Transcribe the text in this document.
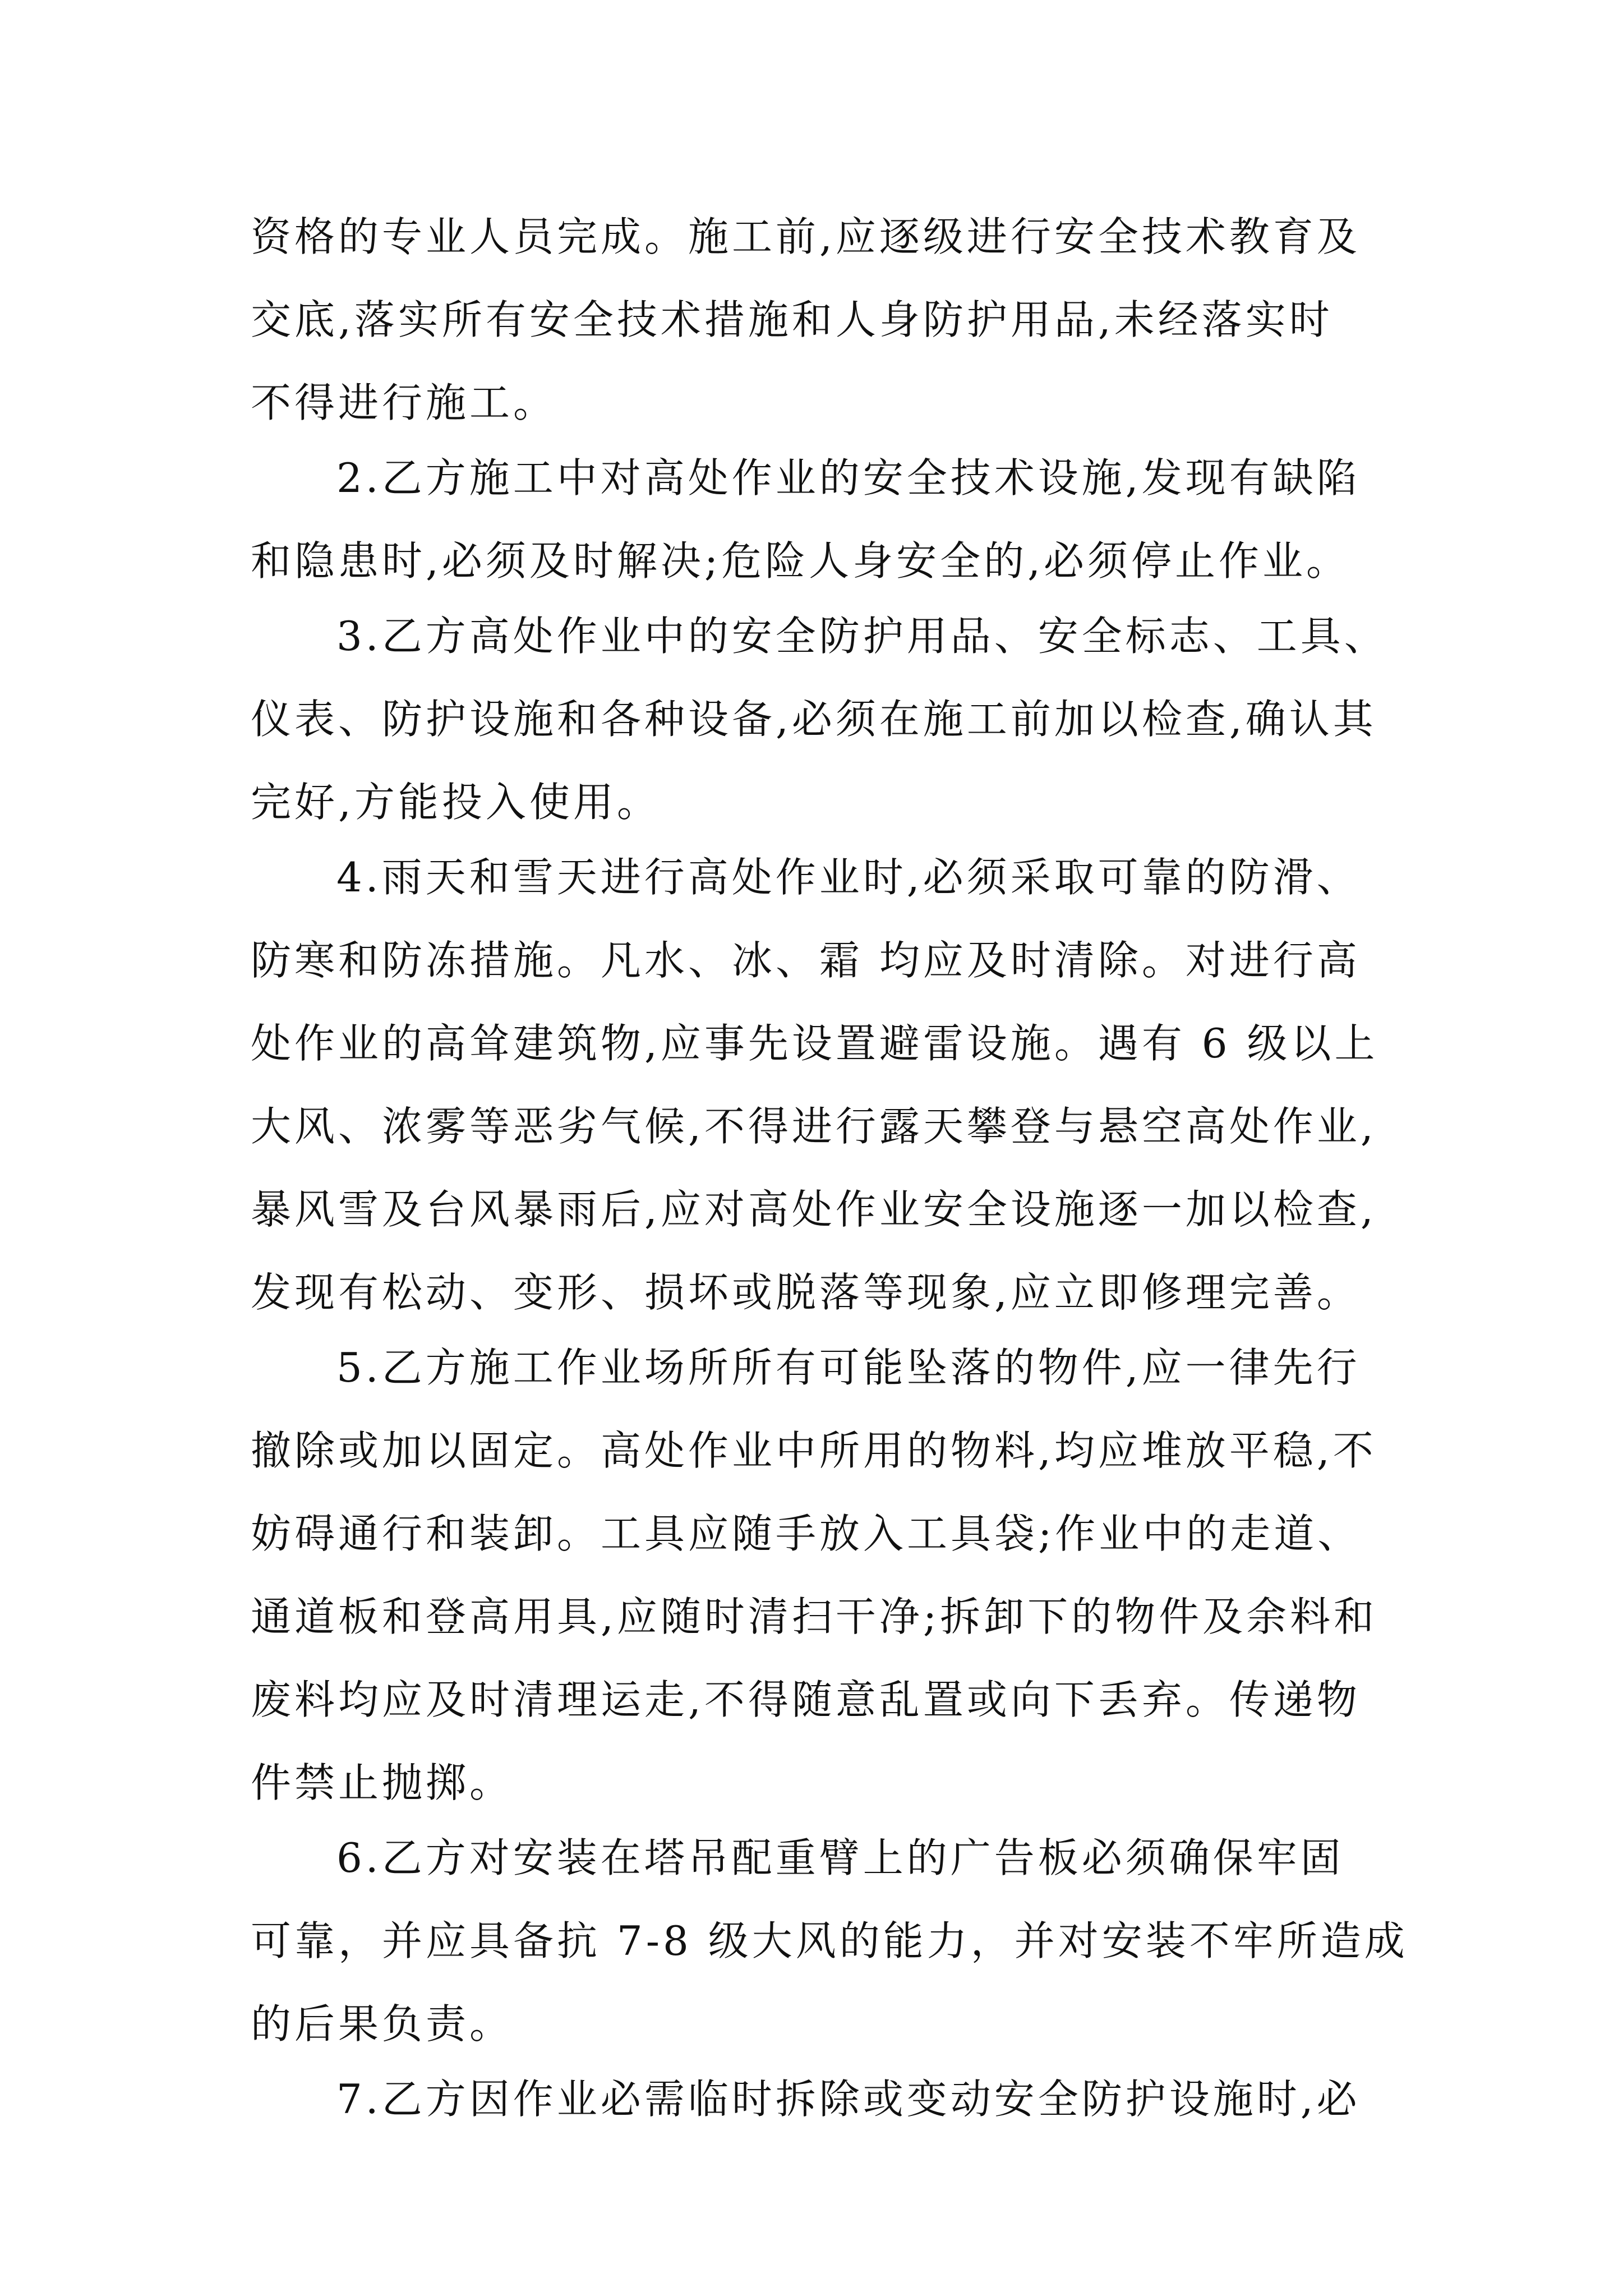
资格的专业人员完成。施工前,应逐级进行安全技术教育及
交底,落实所有安全技术措施和人身防护用品,未经落实时
不得进行施工。
2.乙方施工中对高处作业的安全技术设施,发现有缺陷
和隐患时,必须及时解决;危险人身安全的,必须停止作业。
3.乙方高处作业中的安全防护用品、安全标志、工具、
仪表、防护设施和各种设备,必须在施工前加以检查,确认其
完好,方能投入使用。
4.雨天和雪天进行高处作业时,必须采取可靠的防滑、
防寒和防冻措施。凡水、冰、霜 均应及时清除。对进行高
处作业的高耸建筑物,应事先设置避雷设施。遇有 6 级以上
大风、浓雾等恶劣气候,不得进行露天攀登与悬空高处作业,
暴风雪及台风暴雨后,应对高处作业安全设施逐一加以检查,
发现有松动、变形、损坏或脱落等现象,应立即修理完善。
5.乙方施工作业场所所有可能坠落的物件,应一律先行
撤除或加以固定。高处作业中所用的物料,均应堆放平稳,不
妨碍通行和装卸。工具应随手放入工具袋;作业中的走道、
通道板和登高用具,应随时清扫干净;拆卸下的物件及余料和
废料均应及时清理运走,不得随意乱置或向下丢弃。传递物
件禁止抛掷。
6.乙方对安装在塔吊配重臂上的广告板必须确保牢固
可靠，并应具备抗 7-8 级大风的能力，并对安装不牢所造成
的后果负责。
7.乙方因作业必需临时拆除或变动安全防护设施时,必
